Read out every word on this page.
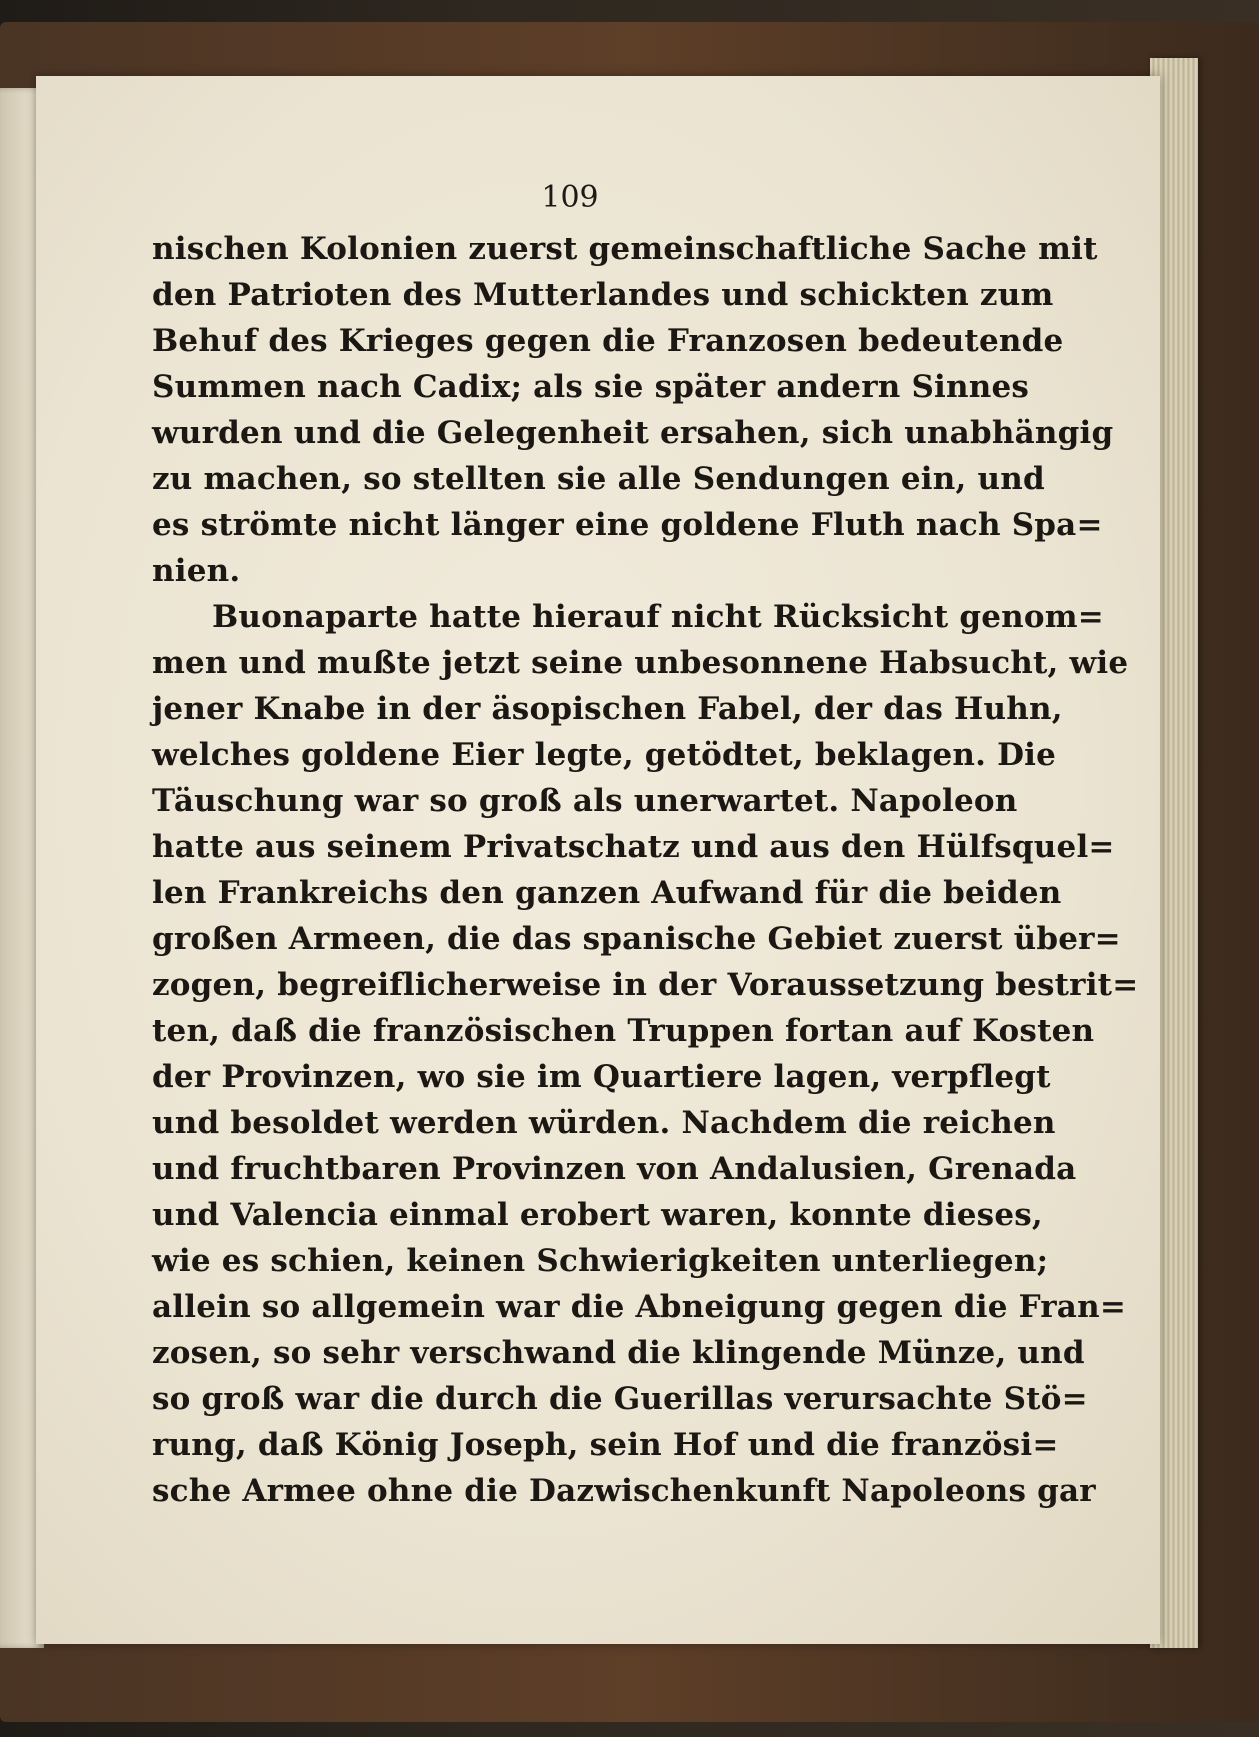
109
nischen Kolonien zuerst gemeinschaftliche Sache mit
den Patrioten des Mutterlandes und schickten zum
Behuf des Krieges gegen die Franzosen bedeutende
Summen nach Cadix; als sie später andern Sinnes
wurden und die Gelegenheit ersahen, sich unabhängig
zu machen, so stellten sie alle Sendungen ein, und
es strömte nicht länger eine goldene Fluth nach Spa=
nien.
Buonaparte hatte hierauf nicht Rücksicht genom=
men und mußte jetzt seine unbesonnene Habsucht, wie
jener Knabe in der äsopischen Fabel, der das Huhn,
welches goldene Eier legte, getödtet, beklagen. Die
Täuschung war so groß als unerwartet. Napoleon
hatte aus seinem Privatschatz und aus den Hülfsquel=
len Frankreichs den ganzen Aufwand für die beiden
großen Armeen, die das spanische Gebiet zuerst über=
zogen, begreiflicherweise in der Voraussetzung bestrit=
ten, daß die französischen Truppen fortan auf Kosten
der Provinzen, wo sie im Quartiere lagen, verpflegt
und besoldet werden würden. Nachdem die reichen
und fruchtbaren Provinzen von Andalusien, Grenada
und Valencia einmal erobert waren, konnte dieses,
wie es schien, keinen Schwierigkeiten unterliegen;
allein so allgemein war die Abneigung gegen die Fran=
zosen, so sehr verschwand die klingende Münze, und
so groß war die durch die Guerillas verursachte Stö=
rung, daß König Joseph, sein Hof und die französi=
sche Armee ohne die Dazwischenkunft Napoleons gar
